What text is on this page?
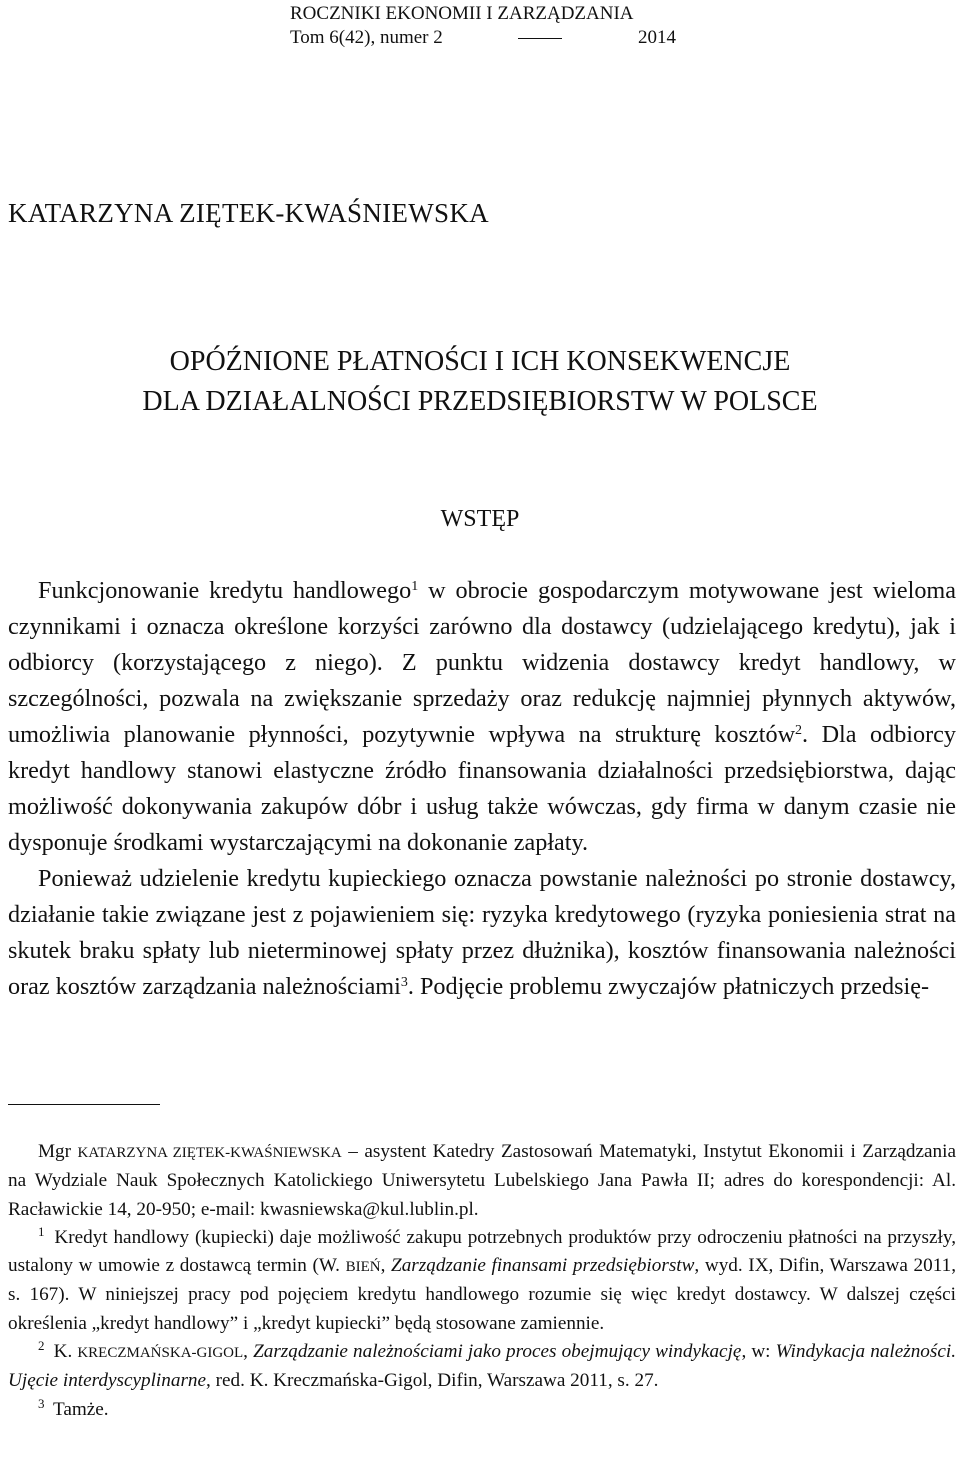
ROCZNIKI EKONOMII I ZARZĄDZANIA
Tom 6(42), numer 2	2014
KATARZYNA ZIĘTEK-KWAŚNIEWSKA
OPÓŹNIONE PŁATNOŚCI I ICH KONSEKWENCJE
DLA DZIAŁALNOŚCI PRZEDSIĘBIORSTW W POLSCE
WSTĘP

Funkcjonowanie kredytu handlowego$^1$ w obrocie gospodarczym motywowane jest wieloma czynnikami i oznacza określone korzyści zarówno dla dostawcy (udzielającego kredytu), jak i odbiorcy (korzystającego z niego). Z punktu widzenia dostawcy kredyt handlowy, w szczególności, pozwala na zwiększanie sprzedaży oraz redukcję najmniej płynnych aktywów, umożliwia planowanie płynności, pozytywnie wpływa na strukturę kosztów$^2$. Dla odbiorcy kredyt handlowy stanowi elastyczne źródło finansowania działalności przedsiębiorstwa, dając możliwość dokonywania zakupów dóbr i usług także wówczas, gdy firma w danym czasie nie dysponuje środkami wystarczającymi na dokonanie zapłaty.

Ponieważ udzielenie kredytu kupieckiego oznacza powstanie należności po stronie dostawcy, działanie takie związane jest z pojawieniem się: ryzyka kredytowego (ryzyka poniesienia strat na skutek braku spłaty lub nieterminowej spłaty przez dłużnika), kosztów finansowania należności oraz kosztów zarządzania należnościami$^3$. Podjęcie problemu zwyczajów płatniczych przedsię-

Mgr KATARZYNA ZIĘTEK-KWAŚNIEWSKA – asystent Katedry Zastosowań Matematyki, Instytut Ekonomii i Zarządzania na Wydziale Nauk Społecznych Katolickiego Uniwersytetu Lubelskiego Jana Pawła II; adres do korespondencji: Al. Racławickie 14, 20-950; e-mail: kwasniewska@kul.lublin.pl.

$^1$ Kredyt handlowy (kupiecki) daje możliwość zakupu potrzebnych produktów przy odroczeniu płatności na przyszły, ustalony w umowie z dostawcą termin (W. BIEŃ, Zarządzanie finansami przedsiębiorstw, wyd. IX, Difin, Warszawa 2011, s. 167). W niniejszej pracy pod pojęciem kredytu handlowego rozumie się więc kredyt dostawcy. W dalszej części określenia „kredyt handlowy” i „kredyt kupiecki” będą stosowane zamiennie.

$^2$ K. KRECZMAŃSKA-GIGOL, Zarządzanie należnościami jako proces obejmujący windykację, w: Windykacja należności. Ujęcie interdyscyplinarne, red. K. Kreczmańska-Gigol, Difin, Warszawa 2011, s. 27.

$^3$ Tamże.
